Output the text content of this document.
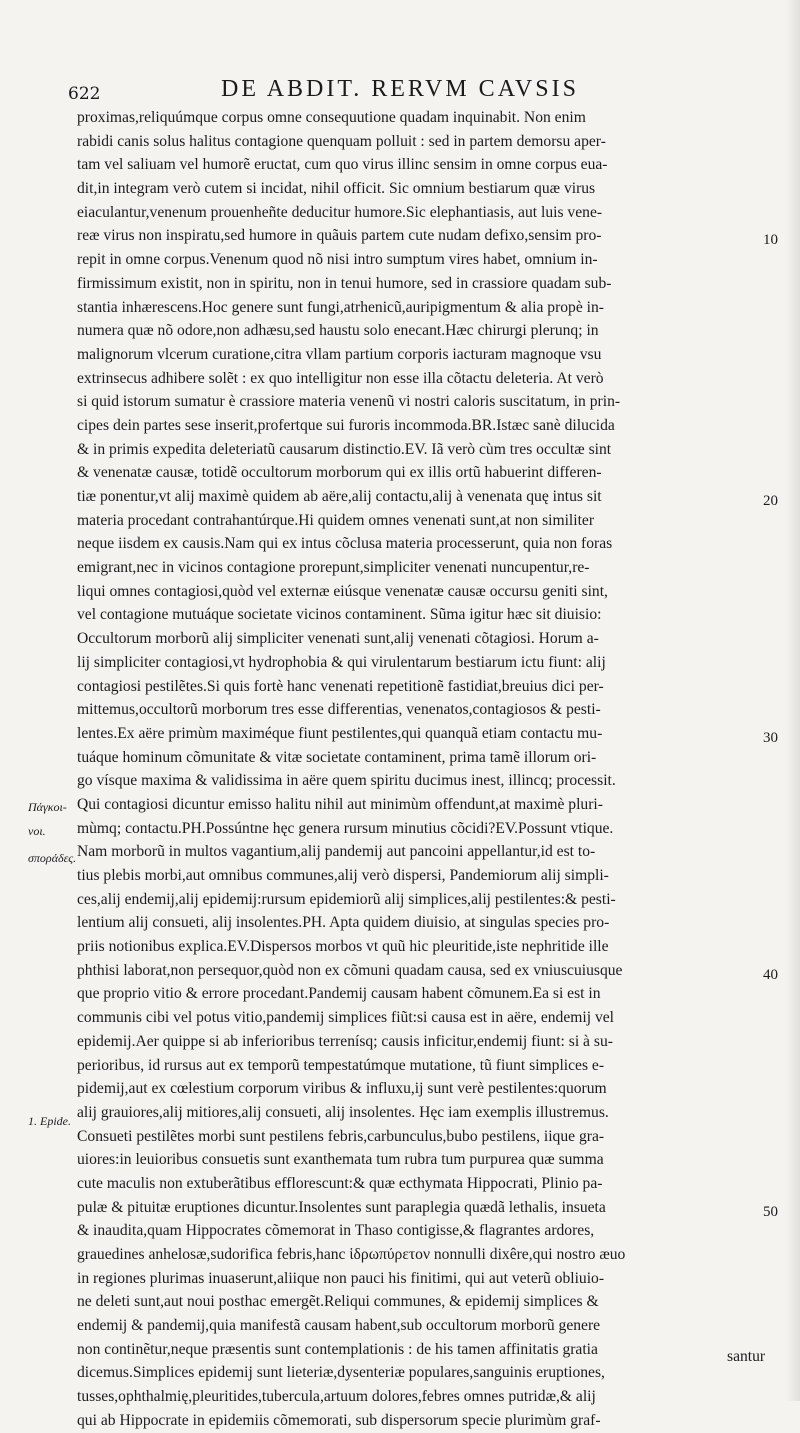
622	DE ABDIT. RERVM CAVSIS
proximas,reliquúmque corpus omne consequutione quadam inquinabit. Non enim
rabidi canis solus halitus contagione quenquam polluit : sed in partem demorsu aper-
tam vel saliuam vel humorẽ eructat, cum quo virus illinc sensim in omne corpus eua-
dit,in integram verò cutem si incidat, nihil officit. Sic omnium bestiarum quæ virus
eiaculantur,venenum prouenheñte deducitur humore.Sic elephantiasis, aut luis vene-
reæ virus non inspiratu,sed humore in quãuis partem cute nudam defixo,sensim pro-
repit in omne corpus.Venenum quod nõ nisi intro sumptum vires habet, omnium in-
firmissimum existit, non in spiritu, non in tenui humore, sed in crassiore quadam sub-
stantia inhærescens.Hoc genere sunt fungi,atrhenicũ,auripigmentum & alia propè in-
numera quæ nõ odore,non adhæsu,sed haustu solo enecant.Hæc chirurgi plerunq; in
malignorum vlcerum curatione,citra vllam partium corporis iacturam magnoque vsu
extrinsecus adhibere solẽt : ex quo intelligitur non esse illa cõtactu deleteria. At verò
si quid istorum sumatur è crassiore materia venenũ vi nostri caloris suscitatum, in prin-
cipes dein partes sese inserit,profertque sui furoris incommoda.BR.Istæc sanè dilucida
& in primis expedita deleteriatũ causarum distinctio.EV. Iã verò cùm tres occultæ sint
& venenatæ causæ, totidẽ occultorum morborum qui ex illis ortũ habuerint differen-
tiæ ponentur,vt alij maximè quidem ab aëre,alij contactu,alij à venenata quę intus sit
materia procedant contrahantúrque.Hi quidem omnes venenati sunt,at non similiter
neque iisdem ex causis.Nam qui ex intus cõclusa materia processerunt, quia non foras
emigrant,nec in vicinos contagione prorepunt,simpliciter venenati nuncupentur,re-
liqui omnes contagiosi,quòd vel externæ eiúsque venenatæ causæ occursu geniti sint,
vel contagione mutuáque societate vicinos contaminent. Sũma igitur hæc sit diuisio:
Occultorum morborũ alij simpliciter venenati sunt,alij venenati cõtagiosi. Horum a-
lij simpliciter contagiosi,vt hydrophobia & qui virulentarum bestiarum ictu fiunt: alij
contagiosi pestilẽtes.Si quis fortè hanc venenati repetitionẽ fastidiat,breuius dici per-
mittemus,occultorũ morborum tres esse differentias, venenatos,contagiosos & pesti-
lentes.Ex aëre primùm maximéque fiunt pestilentes,qui quanquã etiam contactu mu-
tuáque hominum cõmunitate & vitæ societate contaminent, prima tamẽ illorum ori-
go vísque maxima & validissima in aëre quem spiritu ducimus inest, illincq; processit.
Qui contagiosi dicuntur emisso halitu nihil aut minimùm offendunt,at maximè pluri-
mùmq; contactu.PH.Possúntne hęc genera rursum minutius cõcidi?EV.Possunt vtique.
Nam morborũ in multos vagantium,alij pandemij aut pancoini appellantur,id est to-
tius plebis morbi,aut omnibus communes,alij verò dispersi, Pandemiorum alij simpli-
ces,alij endemij,alij epidemij:rursum epidemiorũ alij simplices,alij pestilentes:& pesti-
lentium alij consueti, alij insolentes.PH. Apta quidem diuisio, at singulas species pro-
priis notionibus explica.EV.Dispersos morbos vt quũ hic pleuritide,iste nephritide ille
phthisi laborat,non persequor,quòd non ex cõmuni quadam causa, sed ex vniuscuiusque
que proprio vitio & errore procedant.Pandemij causam habent cõmunem.Ea si est in
communis cibi vel potus vitio,pandemij simplices fiũt:si causa est in aëre, endemij vel
epidemij.Aer quippe si ab inferioribus terrenísq; causis inficitur,endemij fiunt: si à su-
perioribus, id rursus aut ex temporũ tempestatúmque mutatione, tũ fiunt simplices e-
pidemij,aut ex cœlestium corporum viribus & influxu,ij sunt verè pestilentes:quorum
alij grauiores,alij mitiores,alij consueti, alij insolentes. Hęc iam exemplis illustremus.
Consueti pestilẽtes morbi sunt pestilens febris,carbunculus,bubo pestilens, iique gra-
uiores:in leuioribus consuetis sunt exanthemata tum rubra tum purpurea quæ summa
cute maculis non extuberãtibus efflorescunt:& quæ ecthymata Hippocrati, Plinio pa-
pulæ & pituitæ eruptiones dicuntur.Insolentes sunt paraplegia quædã lethalis, insueta
& inaudita,quam Hippocrates cõmemorat in Thaso contigisse,& flagrantes ardores,
grauedines anhelosæ,sudorifica febris,hanc ἱδρωπύρετον nonnulli dixêre,qui nostro æuo
in regiones plurimas inuaserunt,aliique non pauci his finitimi, qui aut veterũ obliuio-
ne deleti sunt,aut noui posthac emergẽt.Reliqui communes, & epidemij simplices &
endemij & pandemij,quia manifestã causam habent,sub occultorum morborũ genere
non continẽtur,neque præsentis sunt contemplationis : de his tamen affinitatis gratia
dicemus.Simplices epidemij sunt lieteriæ,dysenteriæ populares,sanguinis eruptiones,
tusses,ophthalmię,pleuritides,tubercula,artuum dolores,febres omnes putridæ,& alij
qui ab Hippocrate in epidemiis cõmemorati, sub dispersorum specie plurimùm graf-
10
20
30
40
50
Πάγκοι-
νοι.
σποράδες.
1. Epide.
santur
